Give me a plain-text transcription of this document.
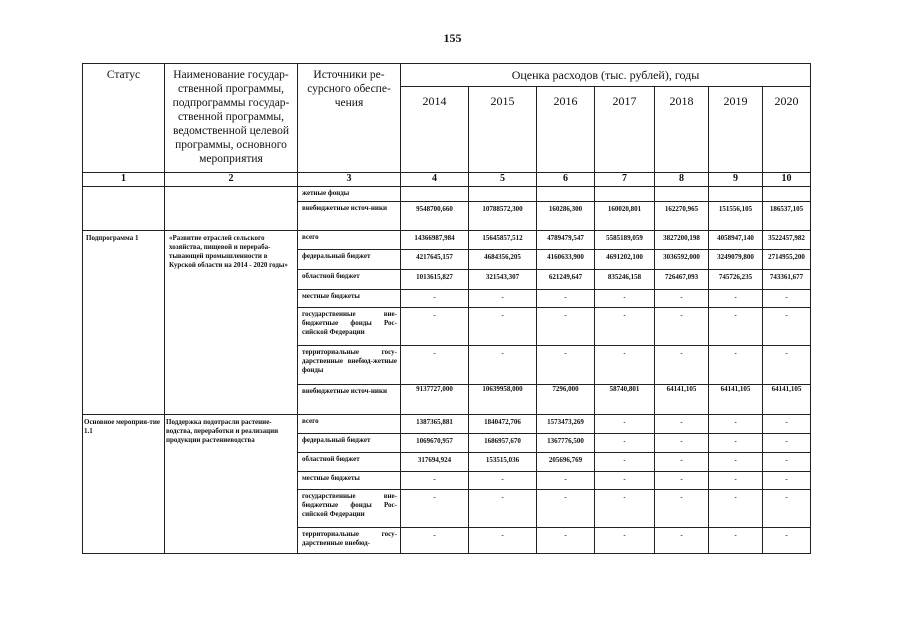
155
Статус	Наименование государ-ственной программы, подпрограммы государ-ственной программы, ведомственной целевой программы, основного мероприятия	Источники ре-сурсного обеспе-чения	Оценка расходов (тыс. рублей), годы						
			2014	2015	2016	2017	2018	2019	2020
1	2	3	4	5	6	7	8	9	10
		жетные фонды							
		внебюджетные источ-ники	9548700,660	10788572,300	160286,300	160020,801	162270,965	151556,105	186537,105
Подпрограмма 1	«Развитие отраслей сельского хозяйства, пищевой и перераба-тывающей промышленности в Курской области на 2014 - 2020 годы»	всего	14366987,984	15645857,512	4789479,547	5585189,059	3827200,198	4058947,140	3522457,982
		федеральный бюджет	4217645,157	4684356,205	4160633,900	4691202,100	3036592,000	3249079,800	2714955,200
		областной бюджет	1013615,827	321543,307	621249,647	835246,158	726467,093	745726,235	743361,677
		местные бюджеты	-	-	-	-	-	-	-
		государственные вне-бюджетные фонды Рос-сийской Федерации	-	-	-	-	-	-	-
		территориальные госу-дарственные внебюд-жетные фонды	-	-	-	-	-	-	-
		внебюджетные источ-ники	9137727,000	10639958,000	7296,000	58740,801	64141,105	64141,105	64141,105
Основное мероприя-тие 1.1	Поддержка подотрасли растение-водства, переработки и реализации продукции растениеводства	всего	1387365,881	1840472,706	1573473,269	-	-	-	-
		федеральный бюджет	1069670,957	1686957,670	1367776,500	-	-	-	-
		областной бюджет	317694,924	153515,036	205696,769	-	-	-	-
		местные бюджеты	-	-	-	-	-	-	-
		государственные вне-бюджетные фонды Рос-сийской Федерации	-	-	-	-	-	-	-
		территориальные госу-дарственные внебюд-	-	-	-	-	-	-	-
